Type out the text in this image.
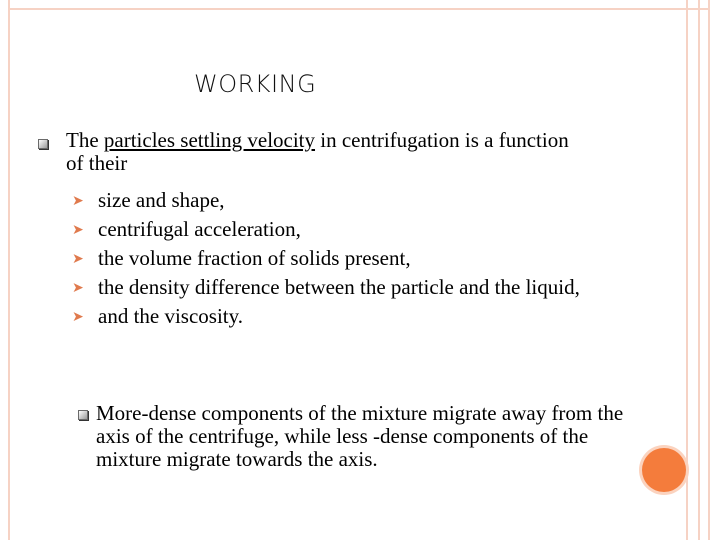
WORKING
The particles settling velocity in centrifugation is a function of their
➤ size and shape,
➤ centrifugal acceleration,
➤ the volume fraction of solids present,
➤ the density difference between the particle and the liquid,
➤ and the viscosity.
More-dense components of the mixture migrate away from the axis of the centrifuge, while less -dense components of the mixture migrate towards the axis.
